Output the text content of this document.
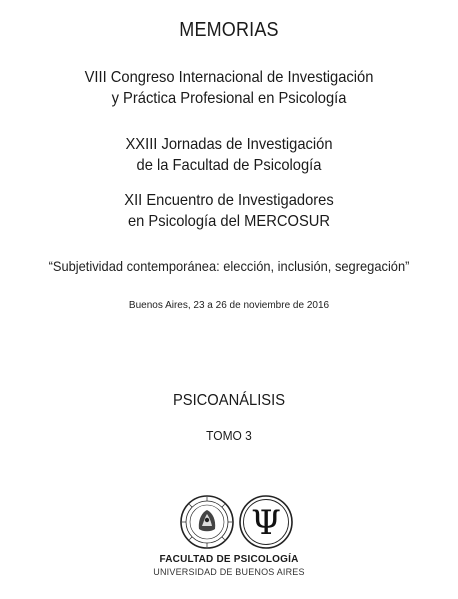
MEMORIAS
VIII Congreso Internacional de Investigación
y Práctica Profesional en Psicología
XXIII Jornadas de Investigación
de la Facultad de Psicología
XII Encuentro de Investigadores
en Psicología del MERCOSUR
“Subjetividad contemporánea: elección, inclusión, segregación”
Buenos Aires, 23 a 26 de noviembre de 2016
PSICOANÁLISIS
TOMO 3
Ψ
FACULTAD DE PSICOLOGÍA
UNIVERSIDAD DE BUENOS AIRES
